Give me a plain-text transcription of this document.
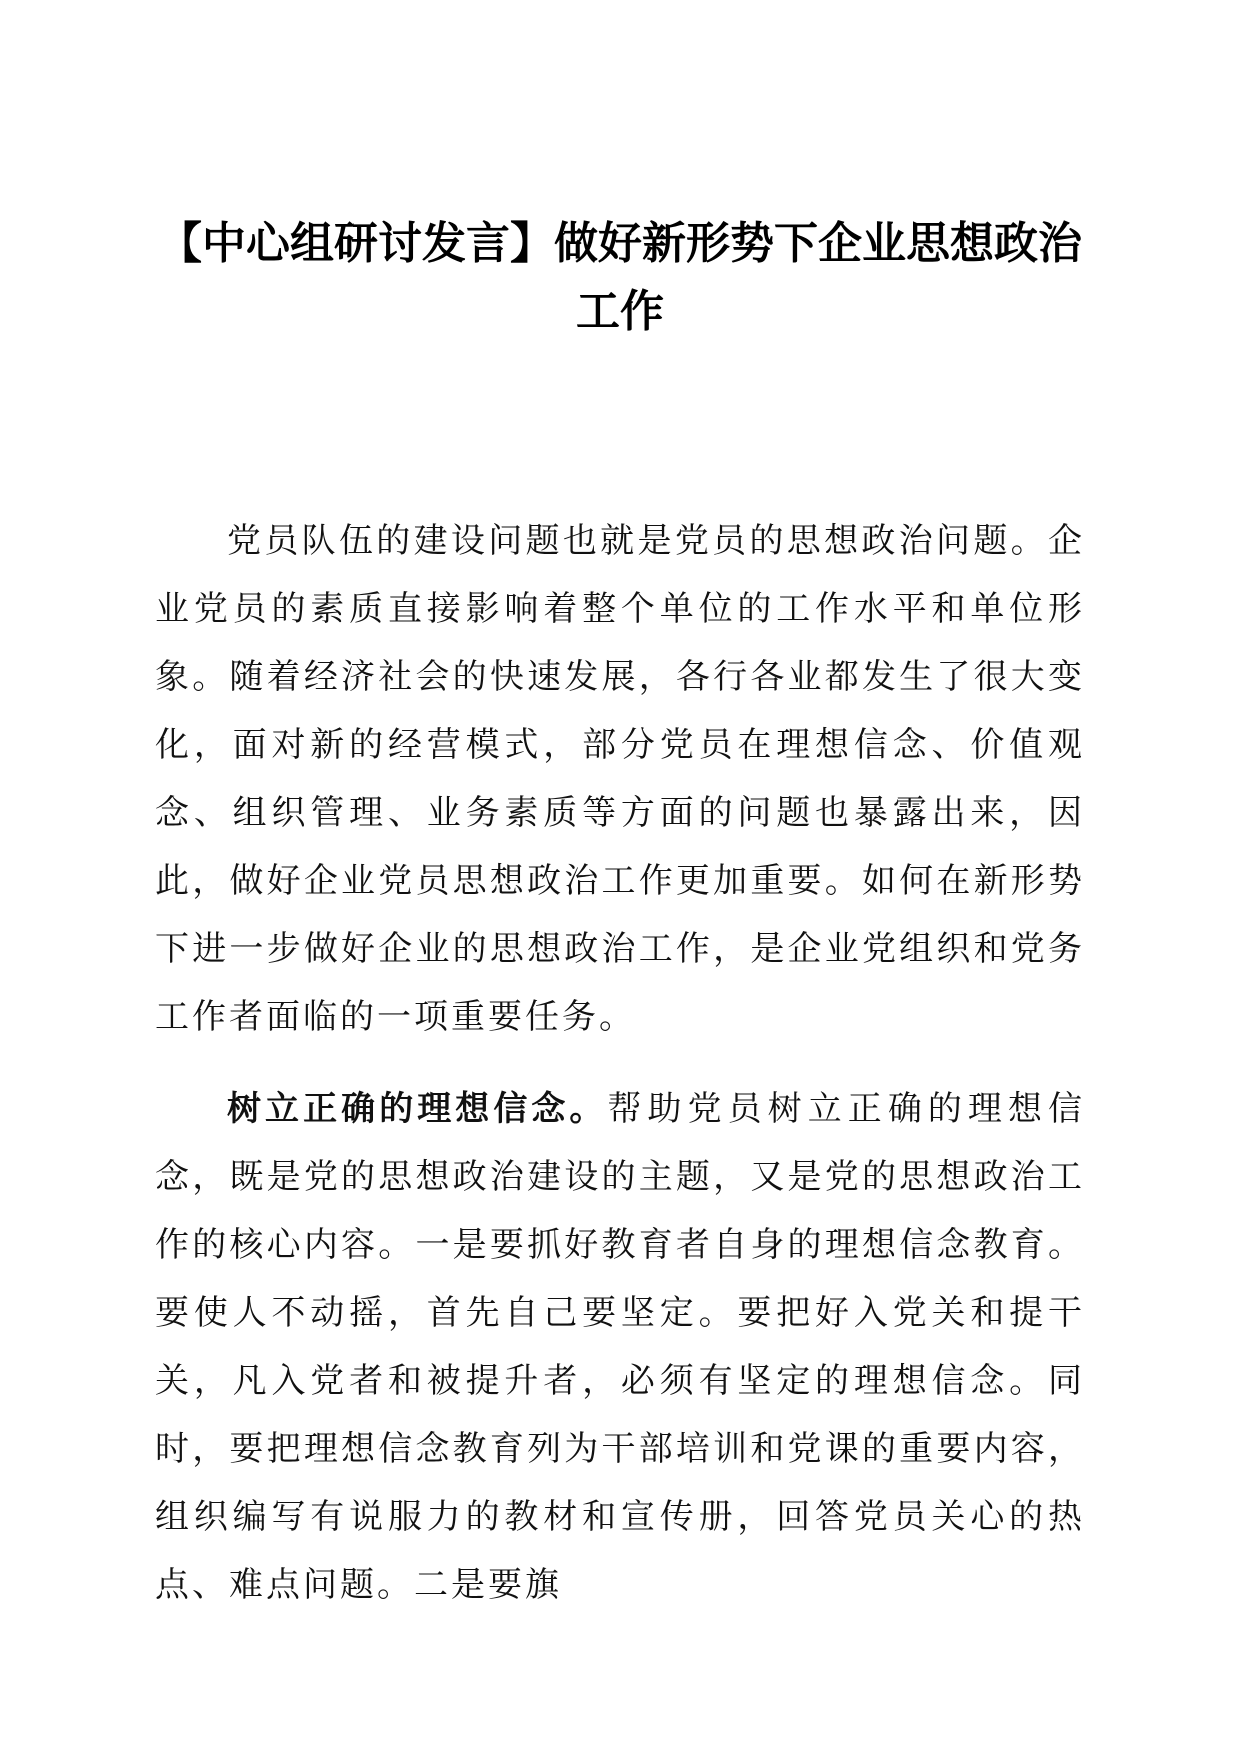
【中心组研讨发言】做好新形势下企业思想政治工作

党员队伍的建设问题也就是党员的思想政治问题。企业党员的素质直接影响着整个单位的工作水平和单位形象。随着经济社会的快速发展，各行各业都发生了很大变化，面对新的经营模式，部分党员在理想信念、价值观念、组织管理、业务素质等方面的问题也暴露出来，因此，做好企业党员思想政治工作更加重要。如何在新形势下进一步做好企业的思想政治工作，是企业党组织和党务工作者面临的一项重要任务。

树立正确的理想信念。帮助党员树立正确的理想信念，既是党的思想政治建设的主题，又是党的思想政治工作的核心内容。一是要抓好教育者自身的理想信念教育。要使人不动摇，首先自己要坚定。要把好入党关和提干关，凡入党者和被提升者，必须有坚定的理想信念。同时，要把理想信念教育列为干部培训和党课的重要内容，组织编写有说服力的教材和宣传册，回答党员关心的热点、难点问题。二是要旗
